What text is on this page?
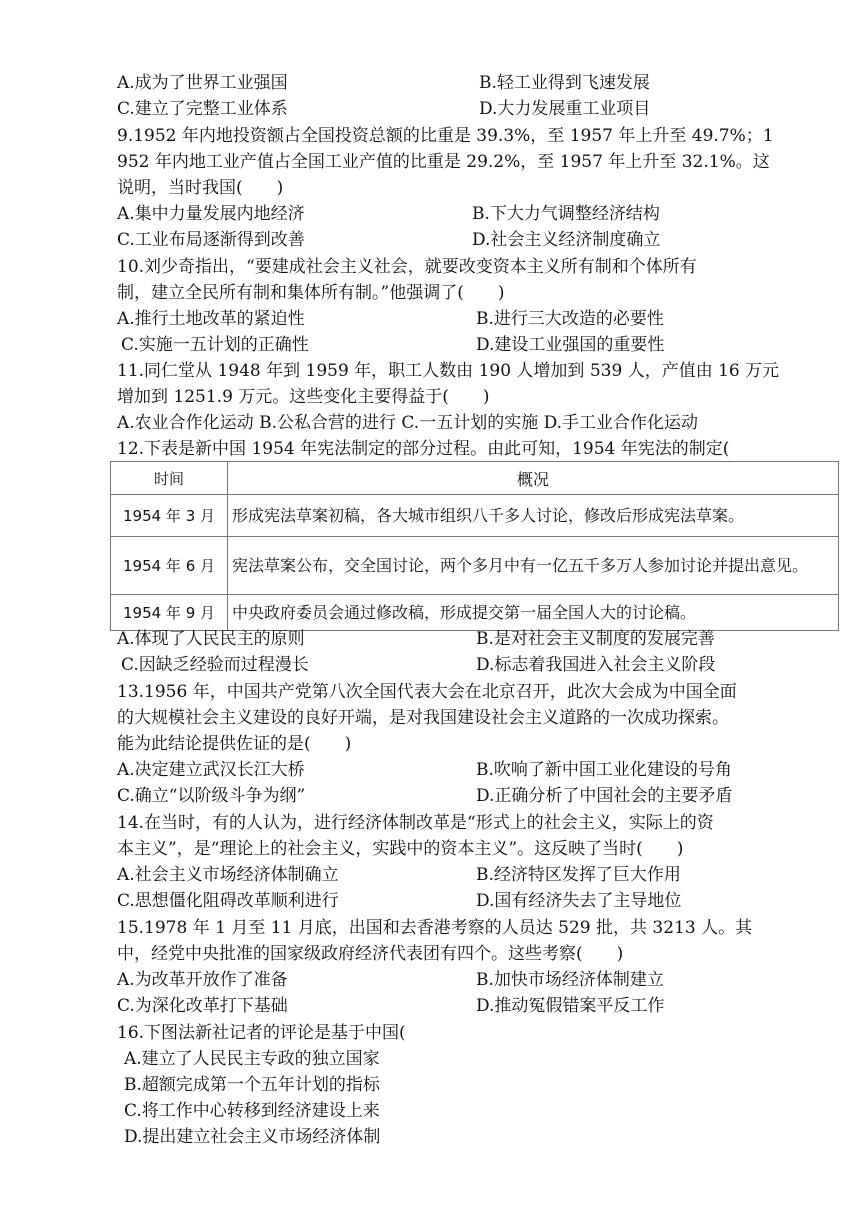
A.成为了世界工业强国	B.轻工业得到飞速发展
C.建立了完整工业体系	D.大力发展重工业项目
9.1952 年内地投资额占全国投资总额的比重是 39.3%，至 1957 年上升至 49.7%；1
952 年内地工业产值占全国工业产值的比重是 29.2%，至 1957 年上升至 32.1%。这
说明，当时我国(　　)
A.集中力量发展内地经济	B.下大力气调整经济结构
C.工业布局逐渐得到改善	D.社会主义经济制度确立
10.刘少奇指出，“要建成社会主义社会，就要改变资本主义所有制和个体所有
制，建立全民所有制和集体所有制。”他强调了(　　)
A.推行土地改革的紧迫性	B.进行三大改造的必要性
C.实施一五计划的正确性	D.建设工业强国的重要性
11.同仁堂从 1948 年到 1959 年，职工人数由 190 人增加到 539 人，产值由 16 万元
增加到 1251.9 万元。这些变化主要得益于(　　)
A.农业合作化运动 B.公私合营的进行 C.一五计划的实施 D.手工业合作化运动
12.下表是新中国 1954 年宪法制定的部分过程。由此可知，1954 年宪法的制定(
时间	概况
1954 年 3 月	形成宪法草案初稿，各大城市组织八千多人讨论，修改后形成宪法草案。
1954 年 6 月	宪法草案公布，交全国讨论，两个多月中有一亿五千多万人参加讨论并提出意见。
1954 年 9 月	中央政府委员会通过修改稿，形成提交第一届全国人大的讨论稿。
A.体现了人民民主的原则	B.是对社会主义制度的发展完善
C.因缺乏经验而过程漫长	D.标志着我国进入社会主义阶段
13.1956 年，中国共产党第八次全国代表大会在北京召开，此次大会成为中国全面
的大规模社会主义建设的良好开端，是对我国建设社会主义道路的一次成功探索。
能为此结论提供佐证的是(　　)
A.决定建立武汉长江大桥	B.吹响了新中国工业化建设的号角
C.确立“以阶级斗争为纲”	D.正确分析了中国社会的主要矛盾
14.在当时，有的人认为，进行经济体制改革是“形式上的社会主义，实际上的资
本主义”，是“理论上的社会主义，实践中的资本主义”。这反映了当时(　　)
A.社会主义市场经济体制确立	B.经济特区发挥了巨大作用
C.思想僵化阻碍改革顺利进行	D.国有经济失去了主导地位
15.1978 年 1 月至 11 月底，出国和去香港考察的人员达 529 批，共 3213 人。其
中，经党中央批准的国家级政府经济代表团有四个。这些考察(　　)
A.为改革开放作了准备	B.加快市场经济体制建立
C.为深化改革打下基础	D.推动冤假错案平反工作
16.下图法新社记者的评论是基于中国(
A.建立了人民民主专政的独立国家
B.超额完成第一个五年计划的指标
C.将工作中心转移到经济建设上来
D.提出建立社会主义市场经济体制
